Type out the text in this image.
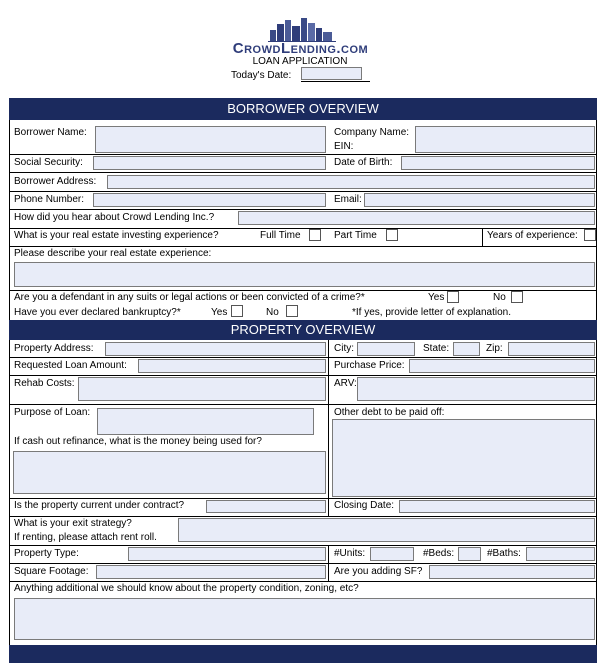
CrowdLending.com
LOAN APPLICATION
Today's Date:
BORROWER OVERVIEW
Borrower Name:	Company Name:
EIN:
Social Security:	Date of Birth:
Borrower Address:
Phone Number:	Email:
How did you hear about Crowd Lending Inc.?
What is your real estate investing experience?	Full Time	Part Time	Years of experience:
Please describe your real estate experience:
Are you a defendant in any suits or legal actions or been convicted of a crime?*	Yes	No
Have you ever declared bankruptcy?*	Yes	No	*If yes, provide letter of explanation.
PROPERTY OVERVIEW
Property Address:	City:	State:	Zip:
Requested Loan Amount:	Purchase Price:
Rehab Costs:	ARV:
Purpose of Loan:	Other debt to be paid off:
If cash out refinance, what is the money being used for?
Is the property current under contract?	Closing Date:
What is your exit strategy?
If renting, please attach rent roll.
Property Type:	#Units:	#Beds:	#Baths:
Square Footage:	Are you adding SF?
Anything additional we should know about the property condition, zoning, etc?
